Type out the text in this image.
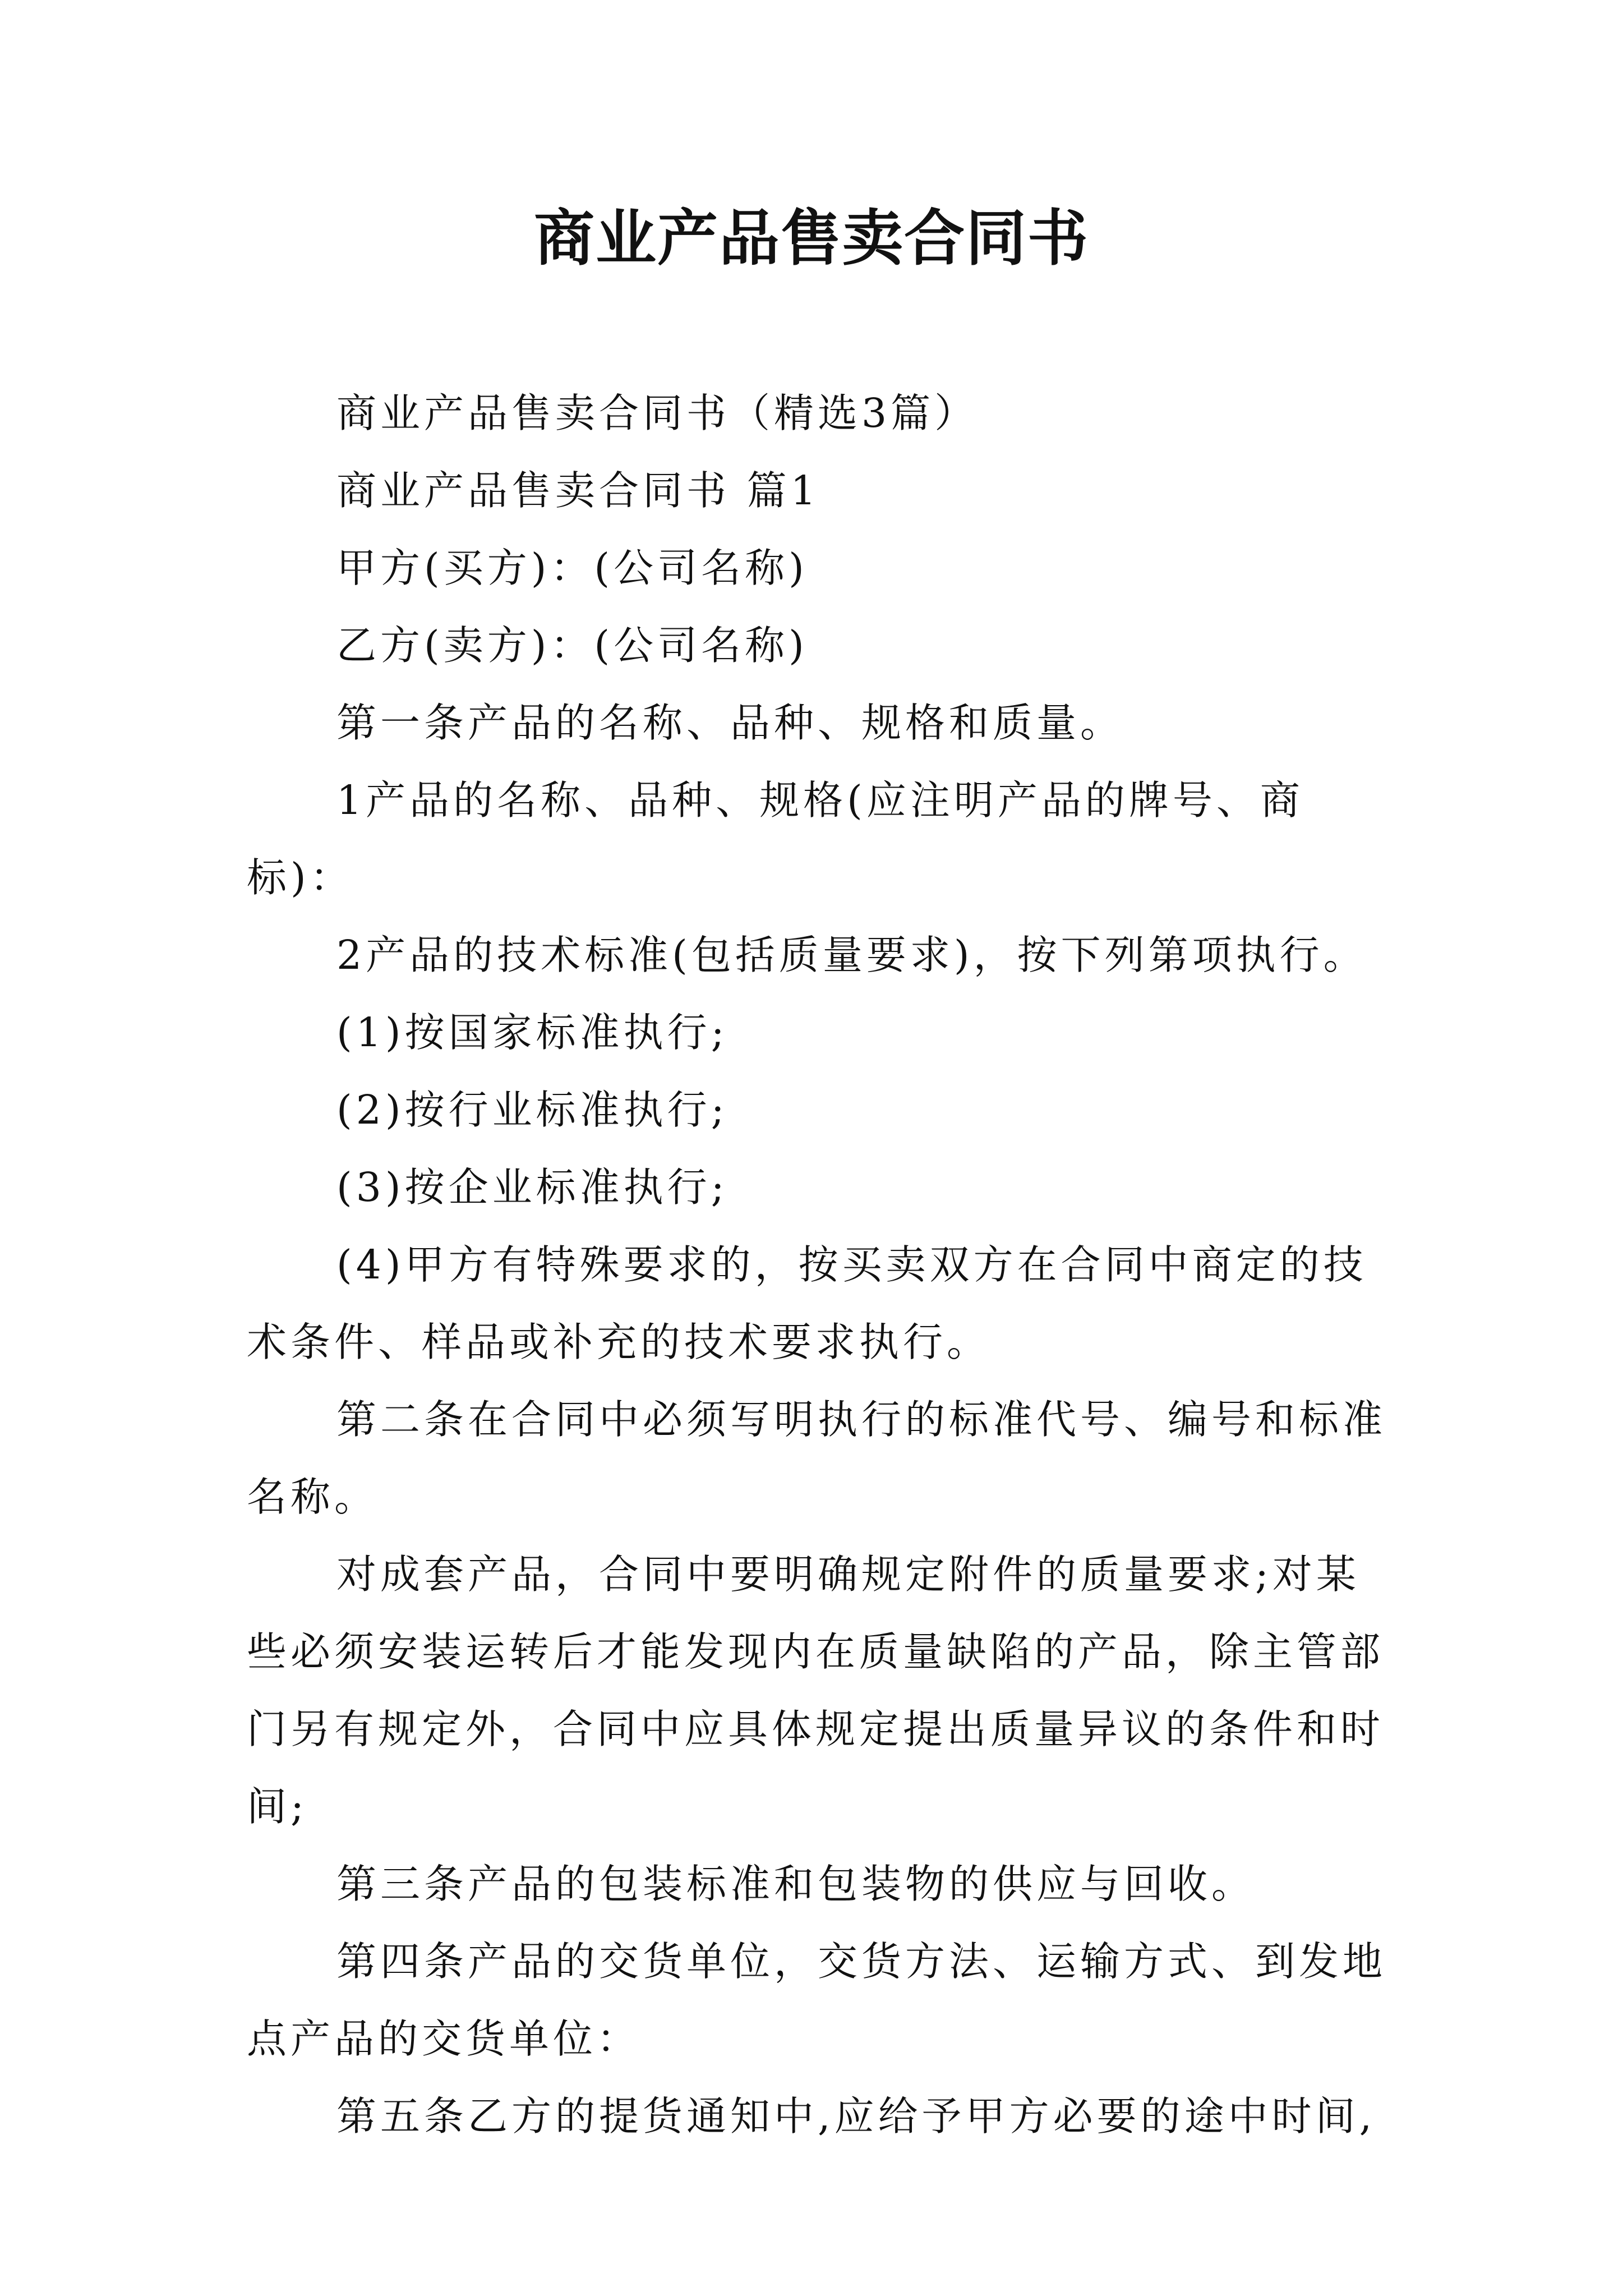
商业产品售卖合同书

商业产品售卖合同书（精选3篇）

商业产品售卖合同书 篇1

甲方(买方)：(公司名称)

乙方(卖方)：(公司名称)

第一条产品的名称、品种、规格和质量。

1产品的名称、品种、规格(应注明产品的牌号、商标)：

2产品的技术标准(包括质量要求)，按下列第项执行。

(1)按国家标准执行;

(2)按行业标准执行;

(3)按企业标准执行;

(4)甲方有特殊要求的，按买卖双方在合同中商定的技术条件、样品或补充的技术要求执行。

第二条在合同中必须写明执行的标准代号、编号和标准名称。

对成套产品，合同中要明确规定附件的质量要求;对某些必须安装运转后才能发现内在质量缺陷的产品，除主管部门另有规定外，合同中应具体规定提出质量异议的条件和时间;

第三条产品的包装标准和包装物的供应与回收。

第四条产品的交货单位，交货方法、运输方式、到发地点产品的交货单位：

第五条乙方的提货通知中,应给予甲方必要的途中时间,
